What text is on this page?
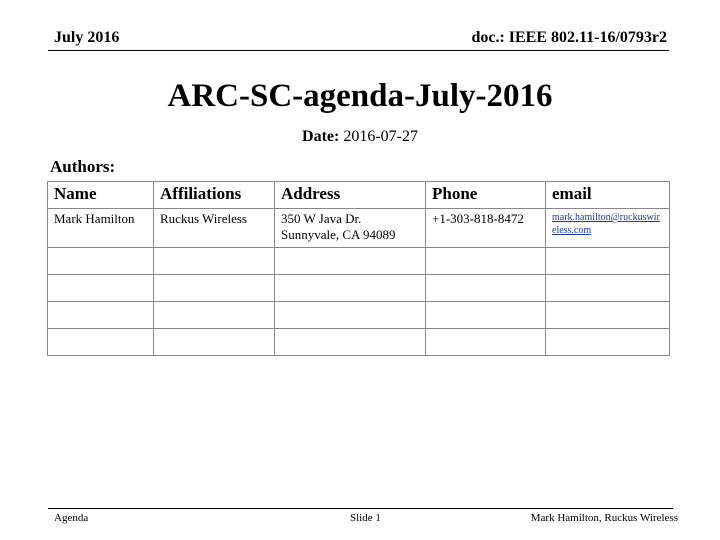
July 2016	doc.: IEEE 802.11-16/0793r2
ARC-SC-agenda-July-2016
Date: 2016-07-27
Authors:
Name	Affiliations	Address	Phone	email
Mark Hamilton	Ruckus Wireless	350 W Java Dr.
Sunnyvale, CA 94089	+1-303-818-8472	mark.hamilton@ruckuswireless.com

Agenda	Slide 1	Mark Hamilton, Ruckus Wireless
